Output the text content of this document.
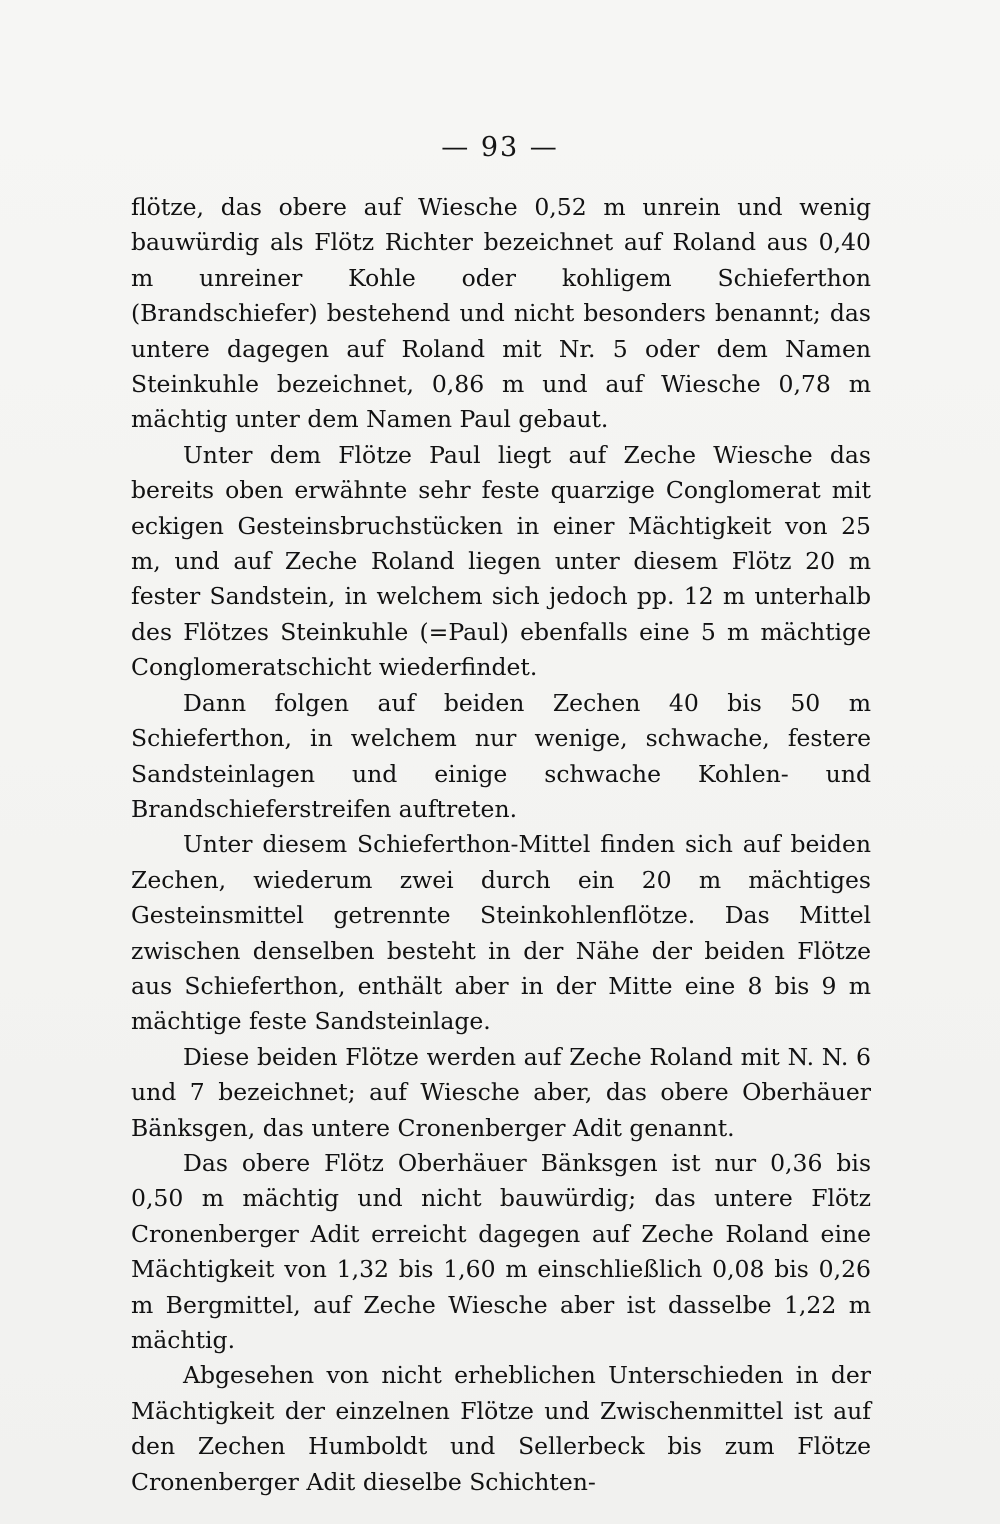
— 93 —

flötze, das obere auf Wiesche 0,52 m unrein und wenig bauwürdig als Flötz Richter bezeichnet auf Roland aus 0,40 m unreiner Kohle oder kohligem Schieferthon (Brandschiefer) bestehend und nicht besonders benannt; das untere dagegen auf Roland mit Nr. 5 oder dem Namen Steinkuhle bezeichnet, 0,86 m und auf Wiesche 0,78 m mächtig unter dem Namen Paul gebaut.

Unter dem Flötze Paul liegt auf Zeche Wiesche das bereits oben erwähnte sehr feste quarzige Conglomerat mit eckigen Gesteinsbruchstücken in einer Mächtigkeit von 25 m, und auf Zeche Roland liegen unter diesem Flötz 20 m fester Sandstein, in welchem sich jedoch pp. 12 m unterhalb des Flötzes Steinkuhle (=Paul) ebenfalls eine 5 m mächtige Conglomeratschicht wiederfindet.

Dann folgen auf beiden Zechen 40 bis 50 m Schieferthon, in welchem nur wenige, schwache, festere Sandsteinlagen und einige schwache Kohlen- und Brandschieferstreifen auftreten.

Unter diesem Schieferthon-Mittel finden sich auf beiden Zechen, wiederum zwei durch ein 20 m mächtiges Gesteinsmittel getrennte Steinkohlenflötze. Das Mittel zwischen denselben besteht in der Nähe der beiden Flötze aus Schieferthon, enthält aber in der Mitte eine 8 bis 9 m mächtige feste Sandsteinlage.

Diese beiden Flötze werden auf Zeche Roland mit N. N. 6 und 7 bezeichnet; auf Wiesche aber, das obere Oberhäuer Bänksgen, das untere Cronenberger Adit genannt.

Das obere Flötz Oberhäuer Bänksgen ist nur 0,36 bis 0,50 m mächtig und nicht bauwürdig; das untere Flötz Cronenberger Adit erreicht dagegen auf Zeche Roland eine Mächtigkeit von 1,32 bis 1,60 m einschließlich 0,08 bis 0,26 m Bergmittel, auf Zeche Wiesche aber ist dasselbe 1,22 m mächtig.

Abgesehen von nicht erheblichen Unterschieden in der Mächtigkeit der einzelnen Flötze und Zwischenmittel ist auf den Zechen Humboldt und Sellerbeck bis zum Flötze Cronenberger Adit dieselbe Schichten-
